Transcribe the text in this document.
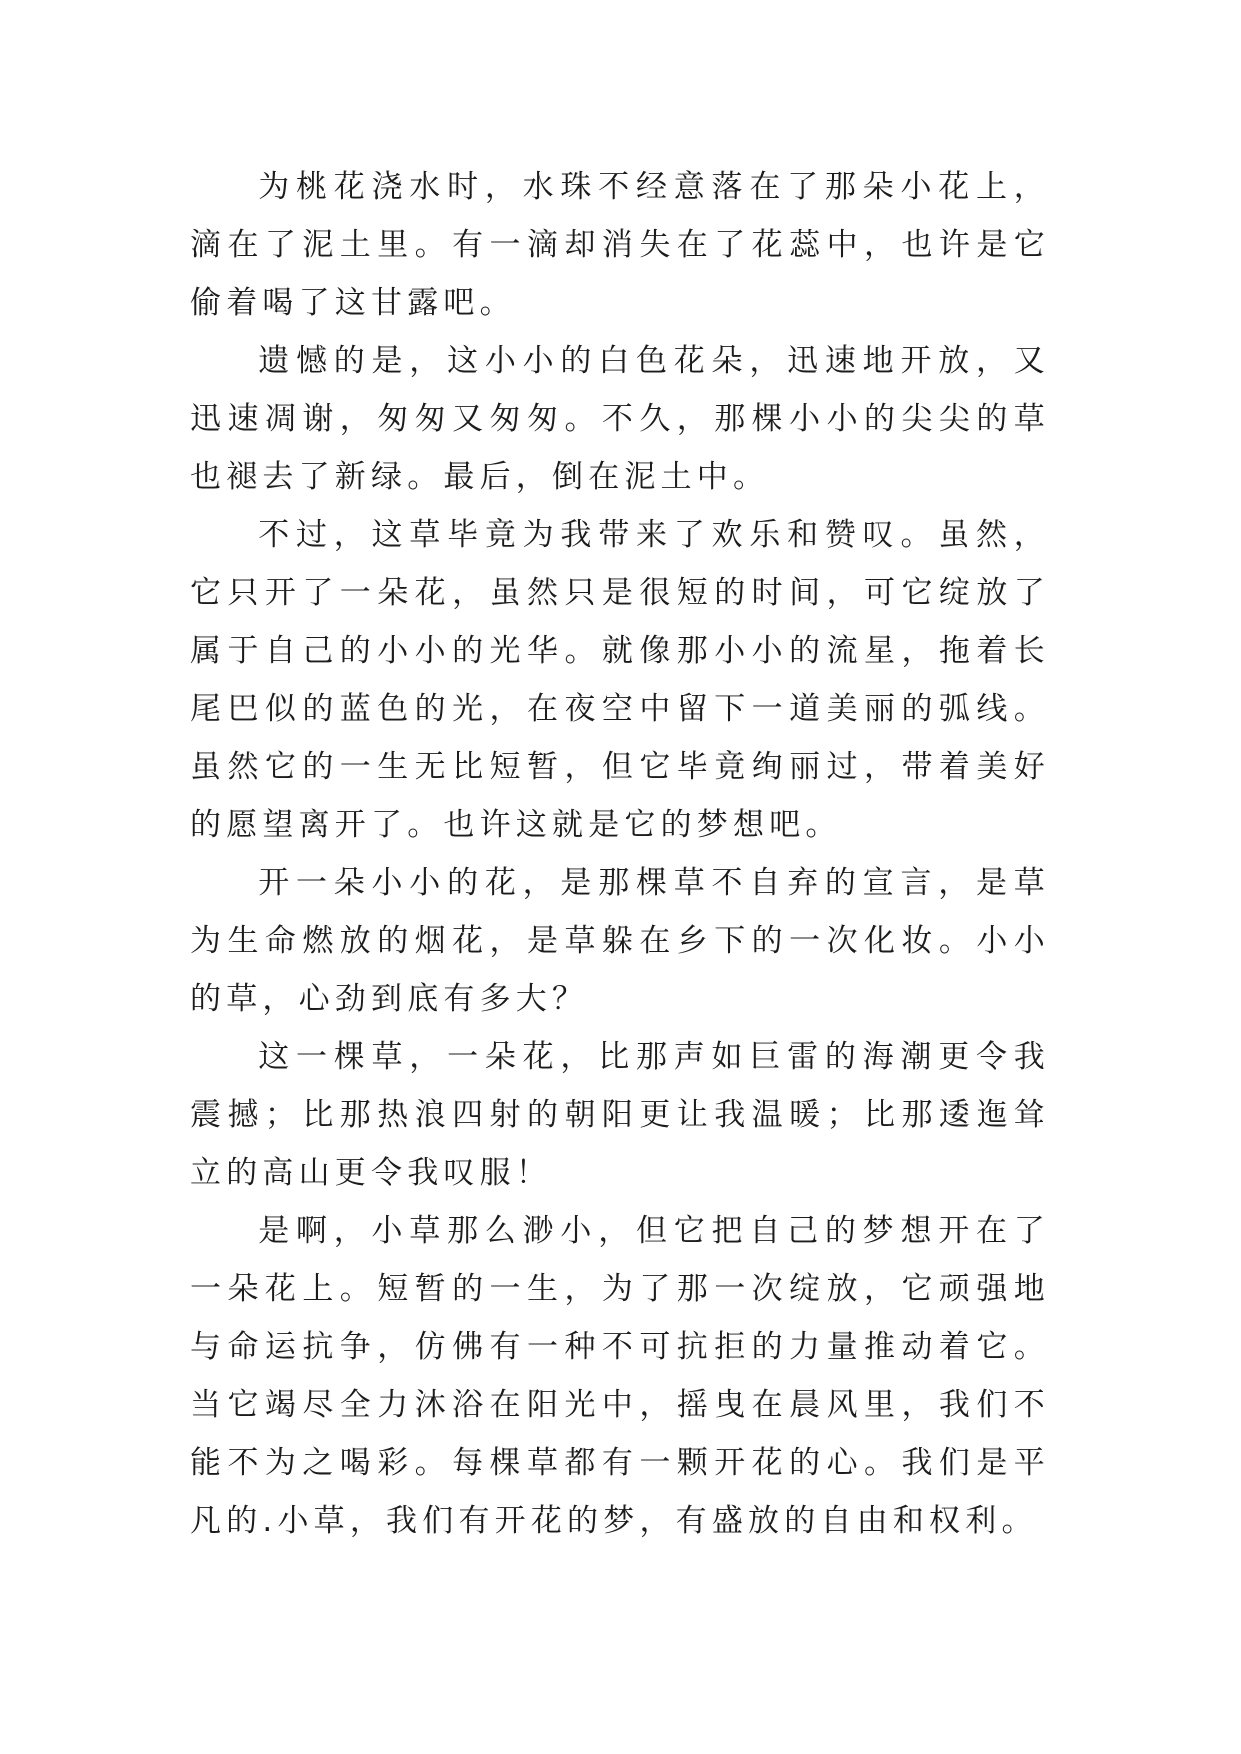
为桃花浇水时，水珠不经意落在了那朵小花上，滴在了泥土里。有一滴却消失在了花蕊中，也许是它偷着喝了这甘露吧。

遗憾的是，这小小的白色花朵，迅速地开放，又迅速凋谢，匆匆又匆匆。不久，那棵小小的尖尖的草也褪去了新绿。最后，倒在泥土中。

不过，这草毕竟为我带来了欢乐和赞叹。虽然，它只开了一朵花，虽然只是很短的时间，可它绽放了属于自己的小小的光华。就像那小小的流星，拖着长尾巴似的蓝色的光，在夜空中留下一道美丽的弧线。虽然它的一生无比短暂，但它毕竟绚丽过，带着美好的愿望离开了。也许这就是它的梦想吧。

开一朵小小的花，是那棵草不自弃的宣言，是草为生命燃放的烟花，是草躲在乡下的一次化妆。小小的草，心劲到底有多大？

这一棵草，一朵花，比那声如巨雷的海潮更令我震撼；比那热浪四射的朝阳更让我温暖；比那逶迤耸立的高山更令我叹服！

是啊，小草那么渺小，但它把自己的梦想开在了一朵花上。短暂的一生，为了那一次绽放，它顽强地与命运抗争，仿佛有一种不可抗拒的力量推动着它。当它竭尽全力沐浴在阳光中，摇曳在晨风里，我们不能不为之喝彩。每棵草都有一颗开花的心。我们是平凡的.小草，我们有开花的梦，有盛放的自由和权利。
